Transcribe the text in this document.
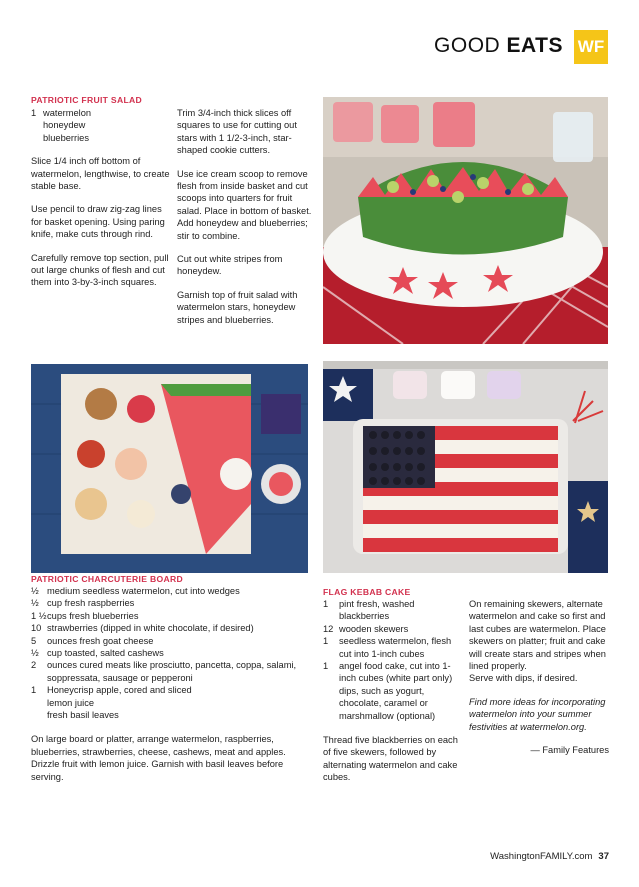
GOOD EATS WF
PATRIOTIC FRUIT SALAD
1 watermelon
honeydew
blueberries

Slice 1/4 inch off bottom of watermelon, lengthwise, to create stable base.

Use pencil to draw zig-zag lines for basket opening. Using paring knife, make cuts through rind.

Carefully remove top section, pull out large chunks of flesh and cut them into 3-by-3-inch squares.

Trim 3/4-inch thick slices off squares to use for cutting out stars with 1 1/2-3-inch, star-shaped cookie cutters.

Use ice cream scoop to remove flesh from inside basket and cut scoops into quarters for fruit salad. Place in bottom of basket. Add honeydew and blueberries; stir to combine.

Cut out white stripes from honeydew.

Garnish top of fruit salad with watermelon stars, honeydew stripes and blueberries.

PATRIOTIC CHARCUTERIE BOARD
½ medium seedless watermelon, cut into wedges
½ cup fresh raspberries
1 ½ cups fresh blueberries
10 strawberries (dipped in white chocolate, if desired)
5	ounces fresh goat cheese
½ cup toasted, salted cashews
2	ounces cured meats like prosciutto, pancetta, coppa, salami, soppressata, sausage or pepperoni
1	Honeycrisp apple, cored and sliced
lemon juice
fresh basil leaves

On large board or platter, arrange watermelon, raspberries, blueberries, strawberries, cheese, cashews, meat and apples. Drizzle fruit with lemon juice. Garnish with basil leaves before serving.

FLAG KEBAB CAKE
1	pint fresh, washed blackberries
12 wooden skewers
1	seedless watermelon, flesh cut into 1-inch cubes
1	angel food cake, cut into 1-inch cubes (white part only)
dips, such as yogurt, chocolate, caramel or marshmallow (optional)

Thread five blackberries on each of five skewers, followed by alternating watermelon and cake cubes.

On remaining skewers, alternate watermelon and cake so first and last cubes are watermelon. Place skewers on platter; fruit and cake will create stars and stripes when lined properly.

Serve with dips, if desired.

Find more ideas for incorporating watermelon into your summer festivities at watermelon.org.

— Family Features

WashingtonFAMILY.com 37
